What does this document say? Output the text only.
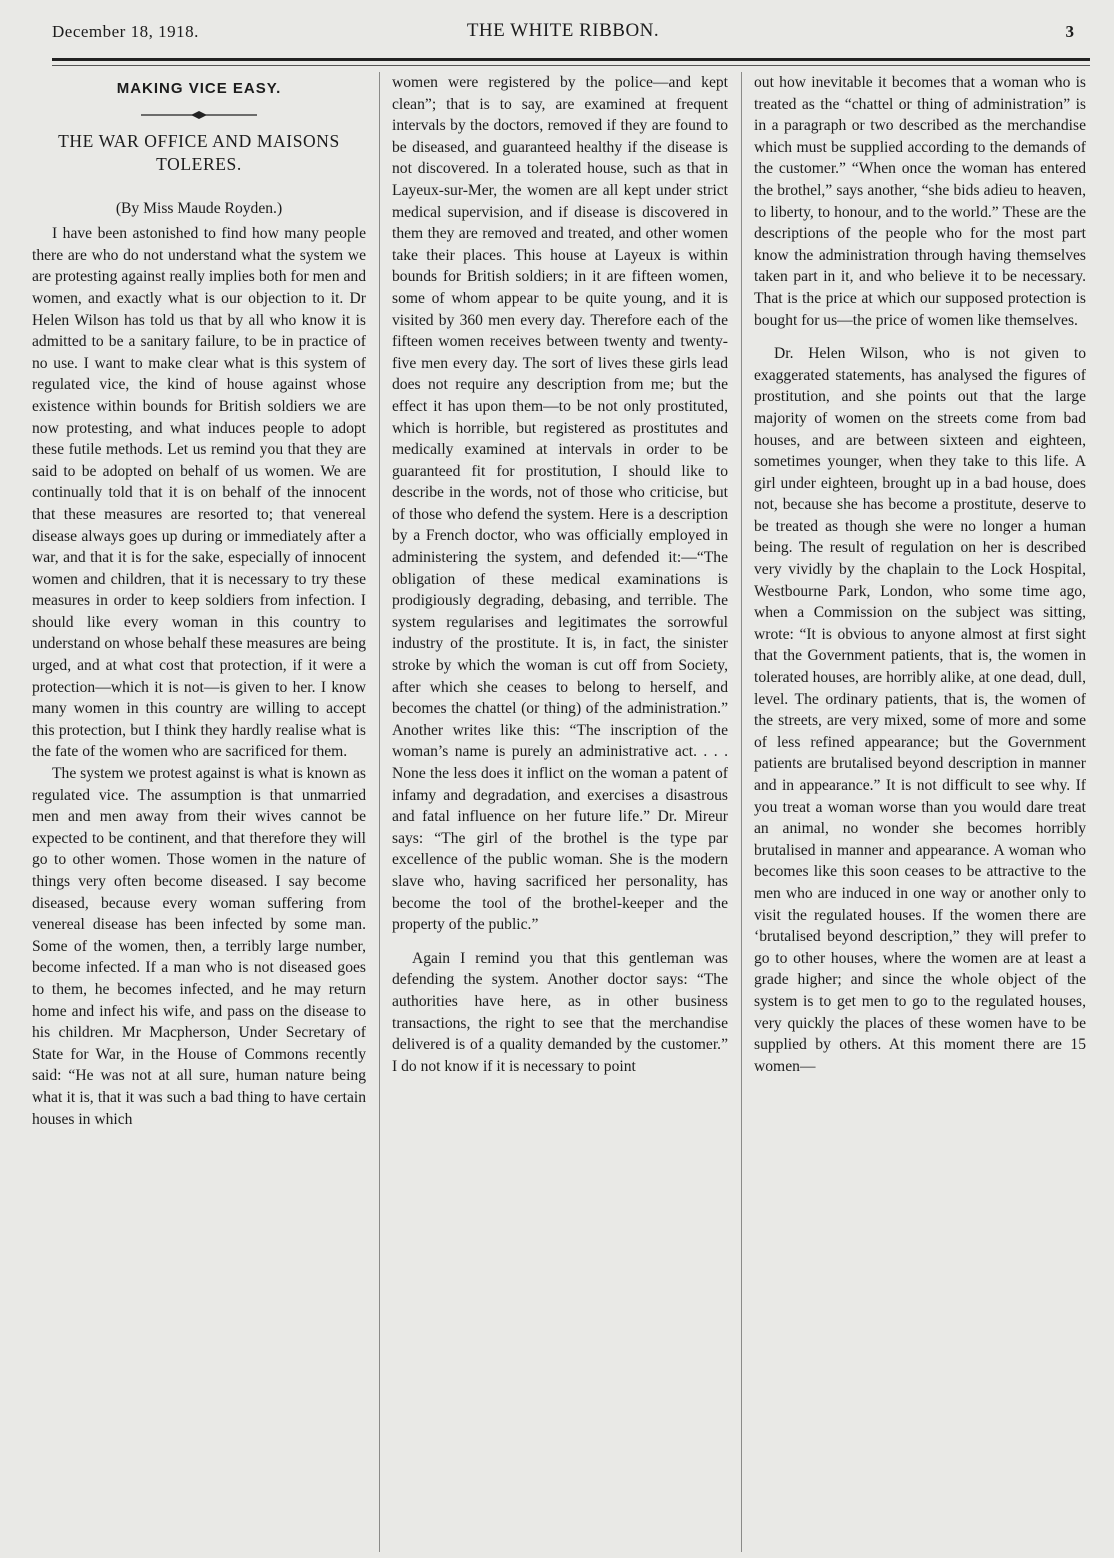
December 18, 1918.	THE WHITE RIBBON.	3
MAKING VICE EASY.
THE WAR OFFICE AND MAISONS TOLERES.
(By Miss Maude Royden.)

I have been astonished to find how many people there are who do not understand what the system we are protesting against really implies both for men and women, and exactly what is our objection to it. Dr Helen Wilson has told us that by all who know it is admitted to be a sanitary failure, to be in practice of no use. I want to make clear what is this system of regulated vice, the kind of house against whose existence within bounds for British soldiers we are now protesting, and what induces people to adopt these futile methods. Let us remind you that they are said to be adopted on behalf of us women. We are continually told that it is on behalf of the innocent that these measures are resorted to; that venereal disease always goes up during or immediately after a war, and that it is for the sake, especially of innocent women and children, that it is necessary to try these measures in order to keep soldiers from infection. I should like every woman in this country to understand on whose behalf these measures are being urged, and at what cost that protection, if it were a protection—which it is not—is given to her. I know many women in this country are willing to accept this protection, but I think they hardly realise what is the fate of the women who are sacrificed for them.

The system we protest against is what is known as regulated vice. The assumption is that unmarried men and men away from their wives cannot be expected to be continent, and that therefore they will go to other women. Those women in the nature of things very often become diseased. I say become diseased, because every woman suffering from venereal disease has been infected by some man. Some of the women, then, a terribly large number, become infected. If a man who is not diseased goes to them, he becomes infected, and he may return home and infect his wife, and pass on the disease to his children. Mr Macpherson, Under Secretary of State for War, in the House of Commons recently said: “He was not at all sure, human nature being what it is, that it was such a bad thing to have certain houses in which

women were registered by the police—and kept clean”; that is to say, are examined at frequent intervals by the doctors, removed if they are found to be diseased, and guaranteed healthy if the disease is not discovered. In a tolerated house, such as that in Layeux-sur-Mer, the women are all kept under strict medical supervision, and if disease is discovered in them they are removed and treated, and other women take their places. This house at Layeux is within bounds for British soldiers; in it are fifteen women, some of whom appear to be quite young, and it is visited by 360 men every day. Therefore each of the fifteen women receives between twenty and twenty-five men every day. The sort of lives these girls lead does not require any description from me; but the effect it has upon them—to be not only prostituted, which is horrible, but registered as prostitutes and medically examined at intervals in order to be guaranteed fit for prostitution, I should like to describe in the words, not of those who criticise, but of those who defend the system. Here is a description by a French doctor, who was officially employed in administering the system, and defended it:—“The obligation of these medical examinations is prodigiously degrading, debasing, and terrible. The system regularises and legitimates the sorrowful industry of the prostitute. It is, in fact, the sinister stroke by which the woman is cut off from Society, after which she ceases to belong to herself, and becomes the chattel (or thing) of the administration.” Another writes like this: “The inscription of the woman’s name is purely an administrative act. . . . None the less does it inflict on the woman a patent of infamy and degradation, and exercises a disastrous and fatal influence on her future life.” Dr. Mireur says: “The girl of the brothel is the type par excellence of the public woman. She is the modern slave who, having sacrificed her personality, has become the tool of the brothel-keeper and the property of the public.”

Again I remind you that this gentleman was defending the system. Another doctor says: “The authorities have here, as in other business transactions, the right to see that the merchandise delivered is of a quality demanded by the customer.” I do not know if it is necessary to point

out how inevitable it becomes that a woman who is treated as the “chattel or thing of administration” is in a paragraph or two described as the merchandise which must be supplied according to the demands of the customer.” “When once the woman has entered the brothel,” says another, “she bids adieu to heaven, to liberty, to honour, and to the world.” These are the descriptions of the people who for the most part know the administration through having themselves taken part in it, and who believe it to be necessary. That is the price at which our supposed protection is bought for us—the price of women like themselves.

Dr. Helen Wilson, who is not given to exaggerated statements, has analysed the figures of prostitution, and she points out that the large majority of women on the streets come from bad houses, and are between sixteen and eighteen, sometimes younger, when they take to this life. A girl under eighteen, brought up in a bad house, does not, because she has become a prostitute, deserve to be treated as though she were no longer a human being. The result of regulation on her is described very vividly by the chaplain to the Lock Hospital, Westbourne Park, London, who some time ago, when a Commission on the subject was sitting, wrote: “It is obvious to anyone almost at first sight that the Government patients, that is, the women in tolerated houses, are horribly alike, at one dead, dull, level. The ordinary patients, that is, the women of the streets, are very mixed, some of more and some of less refined appearance; but the Government patients are brutalised beyond description in manner and in appearance.” It is not difficult to see why. If you treat a woman worse than you would dare treat an animal, no wonder she becomes horribly brutalised in manner and appearance. A woman who becomes like this soon ceases to be attractive to the men who are induced in one way or another only to visit the regulated houses. If the women there are ‘brutalised beyond description,” they will prefer to go to other houses, where the women are at least a grade higher; and since the whole object of the system is to get men to go to the regulated houses, very quickly the places of these women have to be supplied by others. At this moment there are 15 women—
